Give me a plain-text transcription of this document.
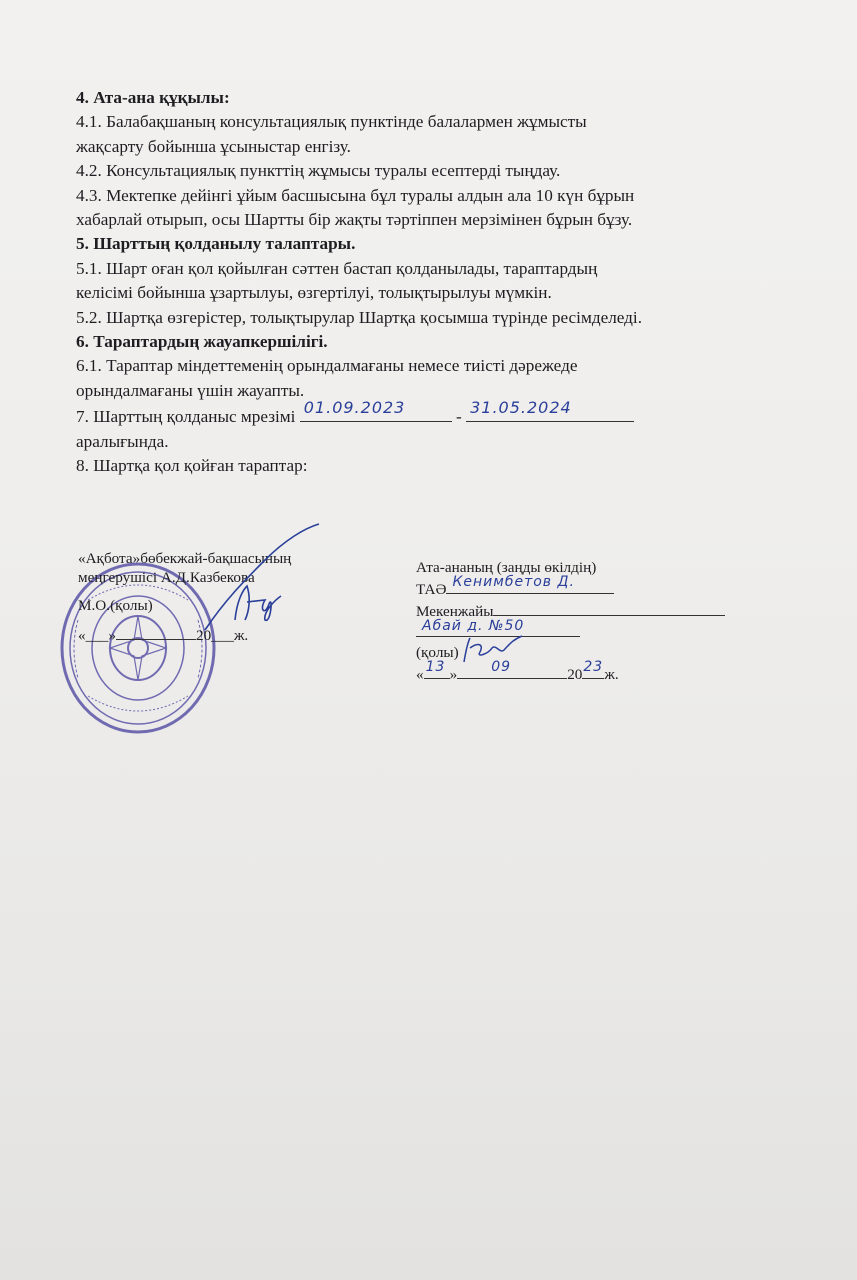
4. Ата-ана құқылы:
4.1. Балабақшаның консультациялық пунктінде балалармен жұмысты
жақсарту бойынша ұсыныстар енгізу.
4.2. Консультациялық пункттің жұмысы туралы есептерді тыңдау.
4.3. Мектепке дейінгі ұйым басшысына бұл туралы алдын ала 10 күн бұрын
хабарлай отырып, осы Шартты бір жақты тәртіппен мерзімінен бұрын бұзу.
5. Шарттың қолданылу талаптары.
5.1. Шарт оған қол қойылған сәттен бастап қолданылады, тараптардың
келісімі бойынша ұзартылуы, өзгертілуі, толықтырылуы мүмкін.
5.2. Шартқа өзгерістер, толықтырулар Шартқа қосымша түрінде ресімделеді.
6. Тараптардың жауапкершілігі.
6.1. Тараптар міндеттеменің орындалмағаны немесе тиісті дәрежеде
орындалмағаны үшін жауапты.
7. Шарттың қолданыс мрезімі 01.09.2023	- 31.05.2024
аралығында.
8. Шартқа қол қойған тараптар:
«Ақбота»бөбекжай-бақшасының
меңгерушісі А.Д.Казбекова
М.О.(қолы)
«___»	20___ж.
Ата-ананың (заңды өкілдің)
ТАӘ Кенимбетов Д.
Мекенжайы
Абай д. №50
(қолы)
« 13 » 09	20 23 ж.
